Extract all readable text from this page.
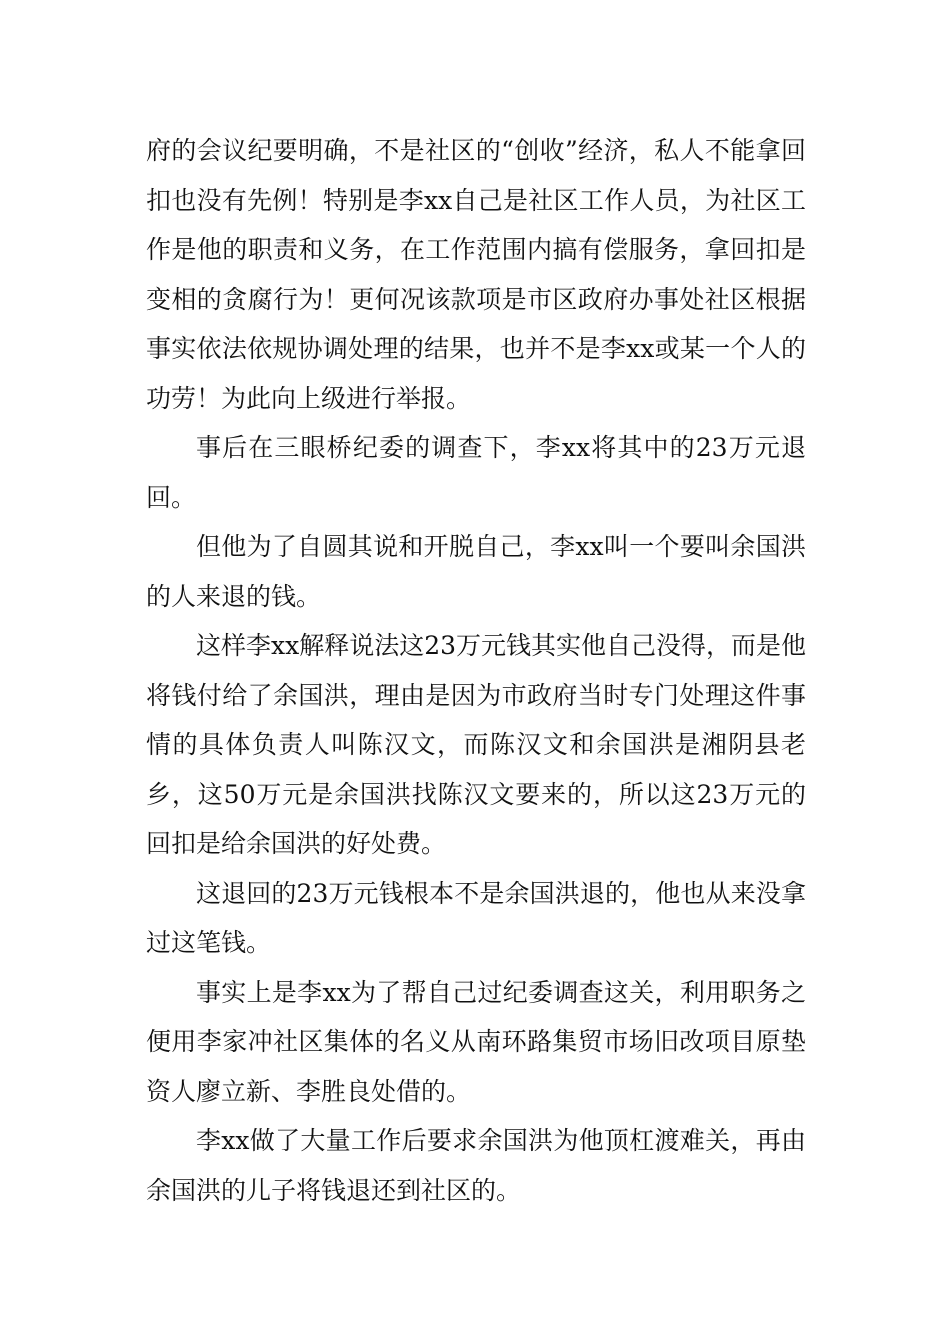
府的会议纪要明确，不是社区的“创收”经济，私人不能拿回扣也没有先例！特别是李xx自己是社区工作人员，为社区工作是他的职责和义务，在工作范围内搞有偿服务，拿回扣是变相的贪腐行为！更何况该款项是市区政府办事处社区根据事实依法依规协调处理的结果，也并不是李xx或某一个人的功劳！为此向上级进行举报。

事后在三眼桥纪委的调查下，李xx将其中的23万元退回。

但他为了自圆其说和开脱自己，李xx叫一个要叫余国洪的人来退的钱。

这样李xx解释说法这23万元钱其实他自己没得，而是他将钱付给了余国洪，理由是因为市政府当时专门处理这件事情的具体负责人叫陈汉文，而陈汉文和余国洪是湘阴县老乡，这50万元是余国洪找陈汉文要来的，所以这23万元的回扣是给余国洪的好处费。

这退回的23万元钱根本不是余国洪退的，他也从来没拿过这笔钱。

事实上是李xx为了帮自己过纪委调查这关，利用职务之便用李家冲社区集体的名义从南环路集贸市场旧改项目原垫资人廖立新、李胜良处借的。

李xx做了大量工作后要求余国洪为他顶杠渡难关，再由余国洪的儿子将钱退还到社区的。
